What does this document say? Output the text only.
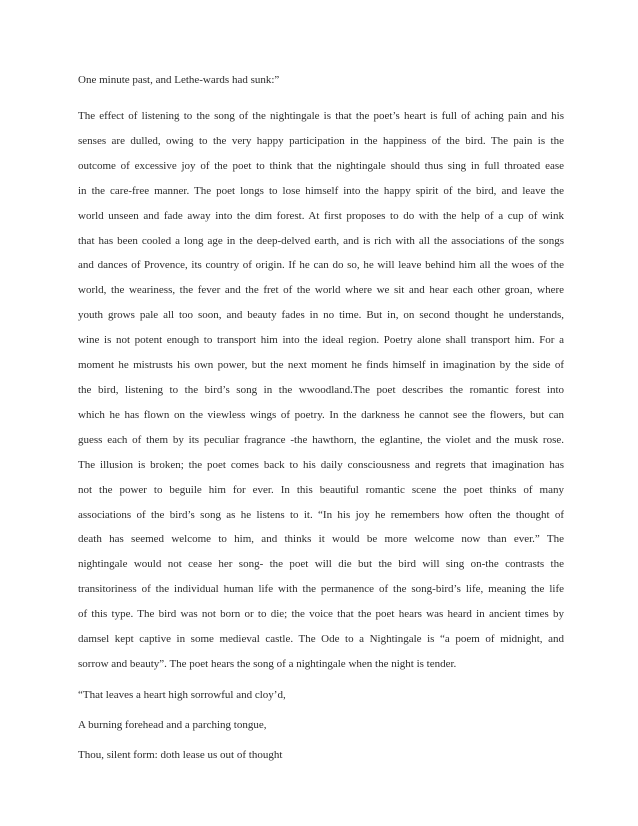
One minute past, and Lethe-wards had sunk:”

The effect of listening to the song of the nightingale is that the poet’s heart is full of aching pain and his
senses are dulled, owing to the very happy participation in the happiness of the bird. The pain is the
outcome of excessive joy of the poet to think that the nightingale should thus sing in full throated ease
in the care-free manner. The poet longs to lose himself into the happy spirit of the bird, and leave the
world unseen and fade away into the dim forest. At first proposes to do with the help of a cup of wink
that has been cooled a long age in the deep-delved earth, and is rich with all the associations of the songs
and dances of Provence, its country of origin. If he can do so, he will leave behind him all the woes of the
world, the weariness, the fever and the fret of the world where we sit and hear each other groan, where
youth grows pale all too soon, and beauty fades in no time. But in, on second thought he understands,
wine is not potent enough to transport him into the ideal region. Poetry alone shall transport him. For a
moment he mistrusts his own power, but the next moment he finds himself in imagination by the side of
the bird, listening to the bird’s song in the wwoodland.The poet describes the romantic forest into
which he has flown on the viewless wings of poetry. In the darkness he cannot see the flowers, but can
guess each of them by its peculiar fragrance -the hawthorn, the eglantine, the violet and the musk rose.
The illusion is broken; the poet comes back to his daily consciousness and regrets that imagination has
not the power to beguile him for ever. In this beautiful romantic scene the poet thinks of many
associations of the bird’s song as he listens to it. “In his joy he remembers how often the thought of
death has seemed welcome to him, and thinks it would be more welcome now than ever.” The
nightingale would not cease her song- the poet will die but the bird will sing on-the contrasts the
transitoriness of the individual human life with the permanence of the song-bird’s life, meaning the life
of this type. The bird was not born or to die; the voice that the poet hears was heard in ancient times by
damsel kept captive in some medieval castle. The Ode to a Nightingale is “a poem of midnight, and
sorrow and beauty”. The poet hears the song of a nightingale when the night is tender.

“That leaves a heart high sorrowful and cloy’d,

A burning forehead and a parching tongue,

Thou, silent form: doth lease us out of thought
